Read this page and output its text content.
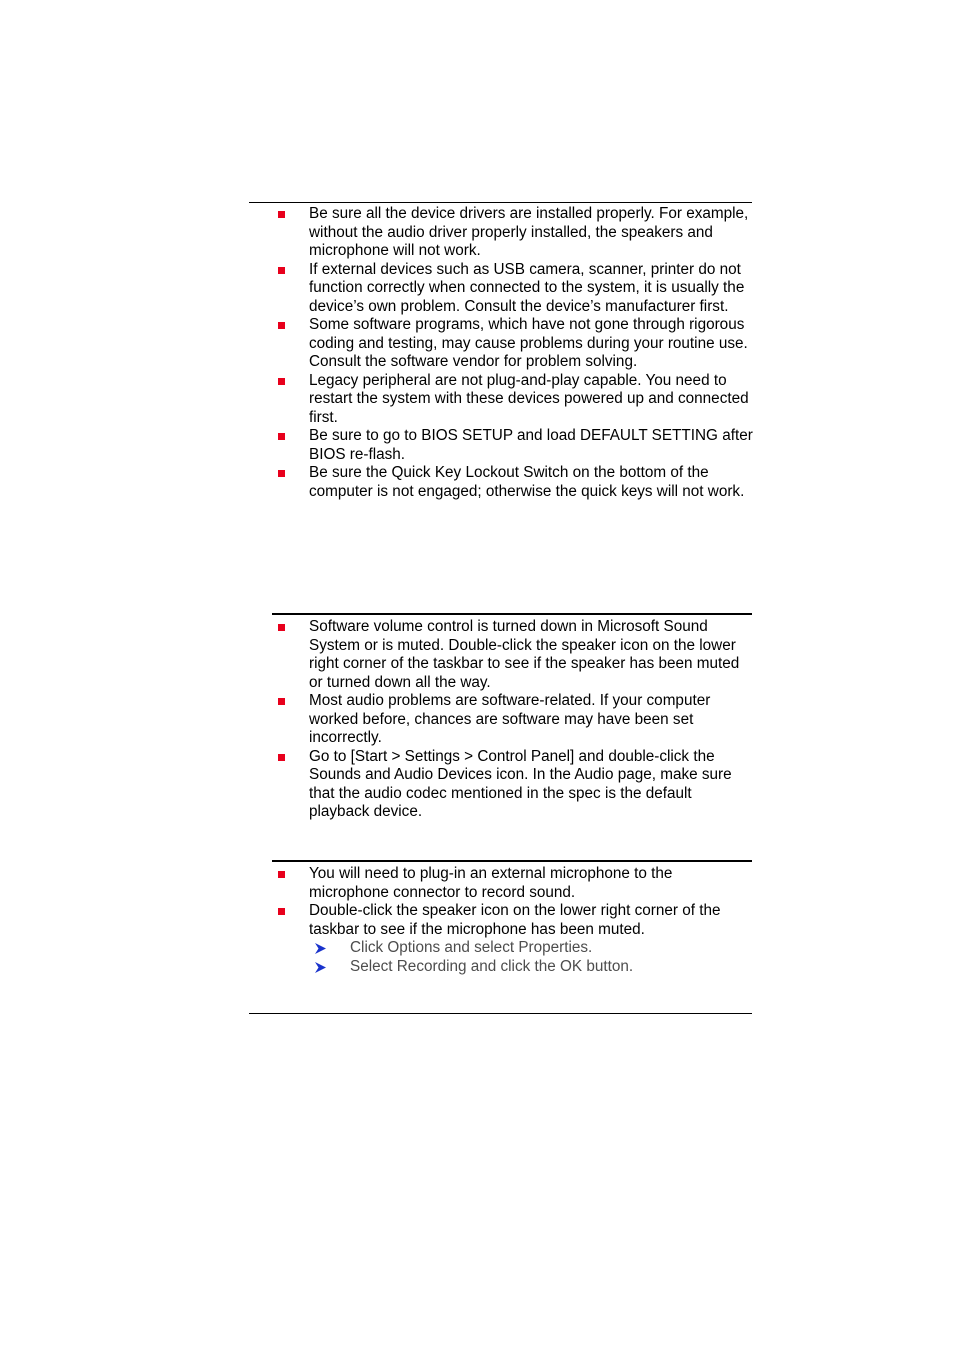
Be sure all the device drivers are installed properly. For example, without the audio driver properly installed, the speakers and microphone will not work.
If external devices such as USB camera, scanner, printer do not function correctly when connected to the system, it is usually the device’s own problem. Consult the device’s manufacturer first.
Some software programs, which have not gone through rigorous coding and testing, may cause problems during your routine use. Consult the software vendor for problem solving.
Legacy peripheral are not plug-and-play capable. You need to restart the system with these devices powered up and connected first.
Be sure to go to BIOS SETUP and load DEFAULT SETTING after BIOS re-flash.
Be sure the Quick Key Lockout Switch on the bottom of the computer is not engaged; otherwise the quick keys will not work.
Software volume control is turned down in Microsoft Sound System or is muted. Double-click the speaker icon on the lower right corner of the taskbar to see if the speaker has been muted or turned down all the way.
Most audio problems are software-related. If your computer worked before, chances are software may have been set incorrectly.
Go to [Start > Settings > Control Panel] and double-click the Sounds and Audio Devices icon. In the Audio page, make sure that the audio codec mentioned in the spec is the default playback device.
You will need to plug-in an external microphone to the microphone connector to record sound.
Double-click the speaker icon on the lower right corner of the taskbar to see if the microphone has been muted.
Click Options and select Properties.
Select Recording and click the OK button.
